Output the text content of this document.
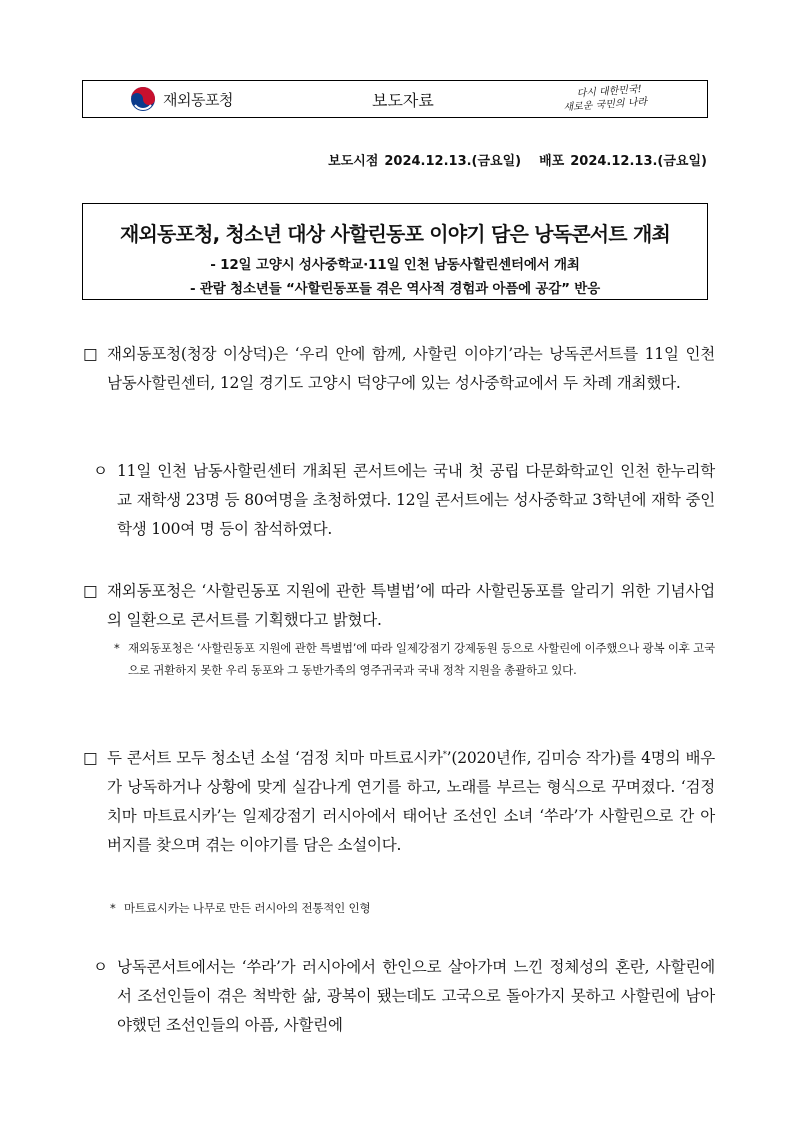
재외동포청	보도자료	다시 대한민국!
새로운 국민의 나라
보도시점 2024.12.13.(금요일) 배포 2024.12.13.(금요일)
재외동포청, 청소년 대상 사할린동포 이야기 담은 낭독콘서트 개최
- 12일 고양시 성사중학교·11일 인천 남동사할린센터에서 개최
- 관람 청소년들 “사할린동포들 겪은 역사적 경험과 아픔에 공감” 반응
□ 재외동포청(청장 이상덕)은 ‘우리 안에 함께, 사할린 이야기’라는 낭독콘서트를 11일 인천 남동사할린센터, 12일 경기도 고양시 덕양구에 있는 성사중학교에서 두 차례 개최했다.
ㅇ 11일 인천 남동사할린센터 개최된 콘서트에는 국내 첫 공립 다문화학교인 인천 한누리학교 재학생 23명 등 80여명을 초청하였다. 12일 콘서트에는 성사중학교 3학년에 재학 중인 학생 100여 명 등이 참석하였다.
□ 재외동포청은 ‘사할린동포 지원에 관한 특별법’에 따라 사할린동포를 알리기 위한 기념사업의 일환으로 콘서트를 기획했다고 밝혔다.
* 재외동포청은 ‘사할린동포 지원에 관한 특별법’에 따라 일제강점기 강제동원 등으로 사할린에 이주했으나 광복 이후 고국으로 귀환하지 못한 우리 동포와 그 동반가족의 영주귀국과 국내 정착 지원을 총괄하고 있다.
□ 두 콘서트 모두 청소년 소설 ‘검정 치마 마트료시카*’(2020년作, 김미승 작가)를 4명의 배우가 낭독하거나 상황에 맞게 실감나게 연기를 하고, 노래를 부르는 형식으로 꾸며졌다. ‘검정 치마 마트료시카’는 일제강점기 러시아에서 태어난 조선인 소녀 ‘쑤라’가 사할린으로 간 아버지를 찾으며 겪는 이야기를 담은 소설이다.
* 마트료시카는 나무로 만든 러시아의 전통적인 인형
ㅇ 낭독콘서트에서는 ‘쑤라’가 러시아에서 한인으로 살아가며 느낀 정체성의 혼란, 사할린에서 조선인들이 겪은 척박한 삶, 광복이 됐는데도 고국으로 돌아가지 못하고 사할린에 남아야했던 조선인들의 아픔, 사할린에
